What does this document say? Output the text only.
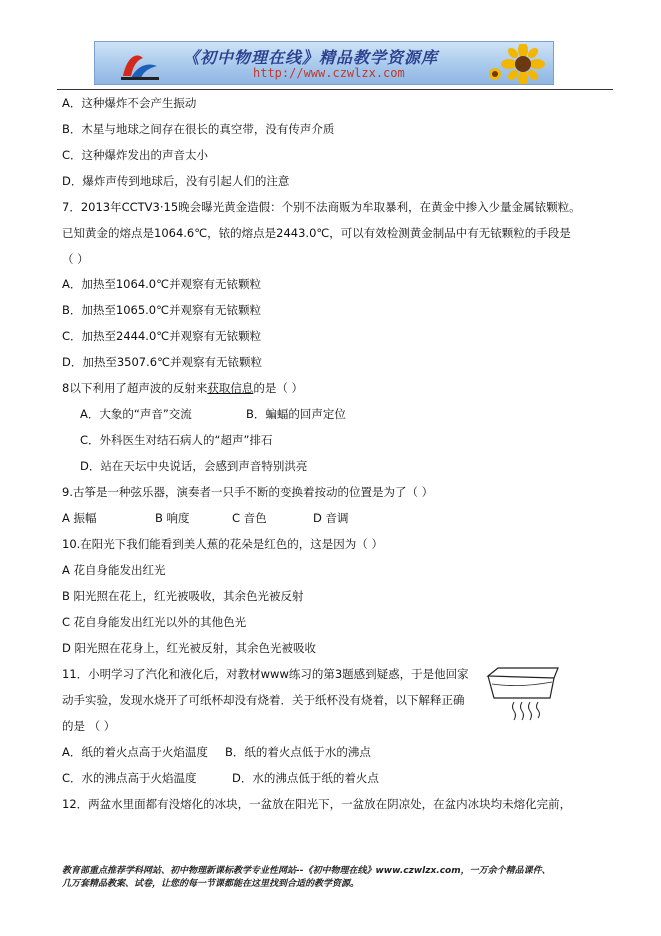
《初中物理在线》精品教学资源库
http://www.czwlzx.com
A．这种爆炸不会产生振动
B．木星与地球之间存在很长的真空带，没有传声介质
C．这种爆炸发出的声音太小
D．爆炸声传到地球后，没有引起人们的注意
7．2013年CCTV3·15晚会曝光黄金造假：个别不法商贩为牟取暴利，在黄金中掺入少量金属铱颗粒。
已知黄金的熔点是1064.6℃，铱的熔点是2443.0℃，可以有效检测黄金制品中有无铱颗粒的手段是
（ ）
A．加热至1064.0℃并观察有无铱颗粒
B．加热至1065.0℃并观察有无铱颗粒
C．加热至2444.0℃并观察有无铱颗粒
D．加热至3507.6℃并观察有无铱颗粒
8以下利用了超声波的反射来获取信息的是（ ）
A．大象的“声音”交流	B．蝙蝠的回声定位
C．外科医生对结石病人的“超声”排石
D．站在天坛中央说话，会感到声音特别洪亮
9.古筝是一种弦乐器，演奏者一只手不断的变换着按动的位置是为了（ ）
A 振幅	B 响度	C 音色	D 音调
10.在阳光下我们能看到美人蕉的花朵是红色的，这是因为（ ）
A 花自身能发出红光
B 阳光照在花上，红光被吸收，其余色光被反射
C 花自身能发出红光以外的其他色光
D 阳光照在花身上，红光被反射，其余色光被吸收
11．小明学习了汽化和液化后，对教材www练习的第3题感到疑惑，于是他回家
动手实验，发现水烧开了可纸杯却没有烧着．关于纸杯没有烧着，以下解释正确
的是 （ ）
A．纸的着火点高于火焰温度 B．纸的着火点低于水的沸点
C．水的沸点高于火焰温度	D．水的沸点低于纸的着火点
12．两盆水里面都有没熔化的冰块，一盆放在阳光下，一盆放在阴凉处，在盆内冰块均未熔化完前，
教育部重点推荐学科网站、初中物理新课标教学专业性网站--《初中物理在线》www.czwlzx.com，一万余个精品课件、
几万套精品教案、试卷，让您的每一节课都能在这里找到合适的教学资源。
